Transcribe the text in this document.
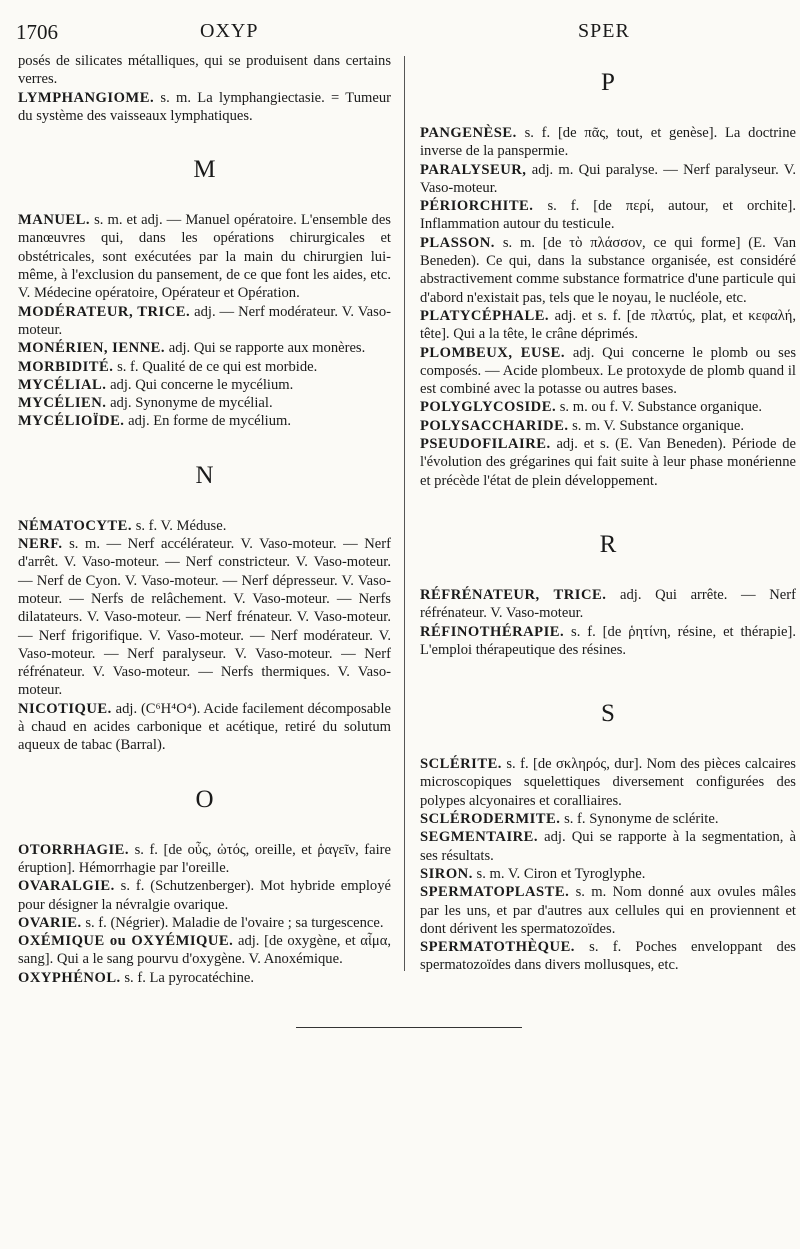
1706	OXYP	SPER

posés de silicates métalliques, qui se produisent dans certains verres.

LYMPHANGIOME. s. m. La lymphangiectasie. = Tumeur du système des vaisseaux lymphatiques.

M

MANUEL. s. m. et adj. — Manuel opératoire. L'ensemble des manœuvres qui, dans les opérations chirurgicales et obstétricales, sont exécutées par la main du chirurgien lui-même, à l'exclusion du pansement, de ce que font les aides, etc. V. Médecine opératoire, Opérateur et Opération.

MODÉRATEUR, TRICE. adj. — Nerf modérateur. V. Vaso-moteur.

MONÉRIEN, IENNE. adj. Qui se rapporte aux monères.

MORBIDITÉ. s. f. Qualité de ce qui est morbide.

MYCÉLIAL. adj. Qui concerne le mycélium.

MYCÉLIEN. adj. Synonyme de mycélial.

MYCÉLIOÏDE. adj. En forme de mycélium.

N

NÉMATOCYTE. s. f. V. Méduse.

NERF. s. m. — Nerf accélérateur. V. Vaso-moteur. — Nerf d'arrêt. V. Vaso-moteur. — Nerf constricteur. V. Vaso-moteur. — Nerf de Cyon. V. Vaso-moteur. — Nerf dépresseur. V. Vaso-moteur. — Nerfs de relâchement. V. Vaso-moteur. — Nerfs dilatateurs. V. Vaso-moteur. — Nerf frénateur. V. Vaso-moteur. — Nerf frigorifique. V. Vaso-moteur. — Nerf modérateur. V. Vaso-moteur. — Nerf paralyseur. V. Vaso-moteur. — Nerf réfrénateur. V. Vaso-moteur. — Nerfs thermiques. V. Vaso-moteur.

NICOTIQUE. adj. (C⁶H⁴O⁴). Acide facilement décomposable à chaud en acides carbonique et acétique, retiré du solutum aqueux de tabac (Barral).

O

OTORRHAGIE. s. f. [de οὖς, ὠτός, oreille, et ῥαγεῖν, faire éruption]. Hémorrhagie par l'oreille.

OVARALGIE. s. f. (Schutzenberger). Mot hybride employé pour désigner la névralgie ovarique.

OVARIE. s. f. (Négrier). Maladie de l'ovaire ; sa turgescence.

OXÉMIQUE ou OXYÉMIQUE. adj. [de oxygène, et αἷμα, sang]. Qui a le sang pourvu d'oxygène. V. Anoxémique.

OXYPHÉNOL. s. f. La pyrocatéchine.

P

PANGENÈSE. s. f. [de πᾶς, tout, et genèse]. La doctrine inverse de la panspermie.

PARALYSEUR, adj. m. Qui paralyse. — Nerf paralyseur. V. Vaso-moteur.

PÉRIORCHITE. s. f. [de περί, autour, et orchite]. Inflammation autour du testicule.

PLASSON. s. m. [de τὸ πλάσσον, ce qui forme] (E. Van Beneden). Ce qui, dans la substance organisée, est considéré abstractivement comme substance formatrice d'une particule qui d'abord n'existait pas, tels que le noyau, le nucléole, etc.

PLATYCÉPHALE. adj. et s. f. [de πλατύς, plat, et κεφαλή, tête]. Qui a la tête, le crâne déprimés.

PLOMBEUX, EUSE. adj. Qui concerne le plomb ou ses composés. — Acide plombeux. Le protoxyde de plomb quand il est combiné avec la potasse ou autres bases.

POLYGLYCOSIDE. s. m. ou f. V. Substance organique.

POLYSACCHARIDE. s. m. V. Substance organique.

PSEUDOFILAIRE. adj. et s. (E. Van Beneden). Période de l'évolution des grégarines qui fait suite à leur phase monérienne et précède l'état de plein développement.

R

RÉFRÉNATEUR, TRICE. adj. Qui arrête. — Nerf réfrénateur. V. Vaso-moteur.

RÉFINOTHÉRAPIE. s. f. [de ῥητίνη, résine, et thérapie]. L'emploi thérapeutique des résines.

S

SCLÉRITE. s. f. [de σκληρός, dur]. Nom des pièces calcaires microscopiques squelettiques diversement configurées des polypes alcyonaires et coralliaires.

SCLÉRODERMITE. s. f. Synonyme de sclérite.

SEGMENTAIRE. adj. Qui se rapporte à la segmentation, à ses résultats.

SIRON. s. m. V. Ciron et Tyroglyphe.

SPERMATOPLASTE. s. m. Nom donné aux ovules mâles par les uns, et par d'autres aux cellules qui en proviennent et dont dérivent les spermatozoïdes.

SPERMATOTHÈQUE. s. f. Poches enveloppant des spermatozoïdes dans divers mollusques, etc.
